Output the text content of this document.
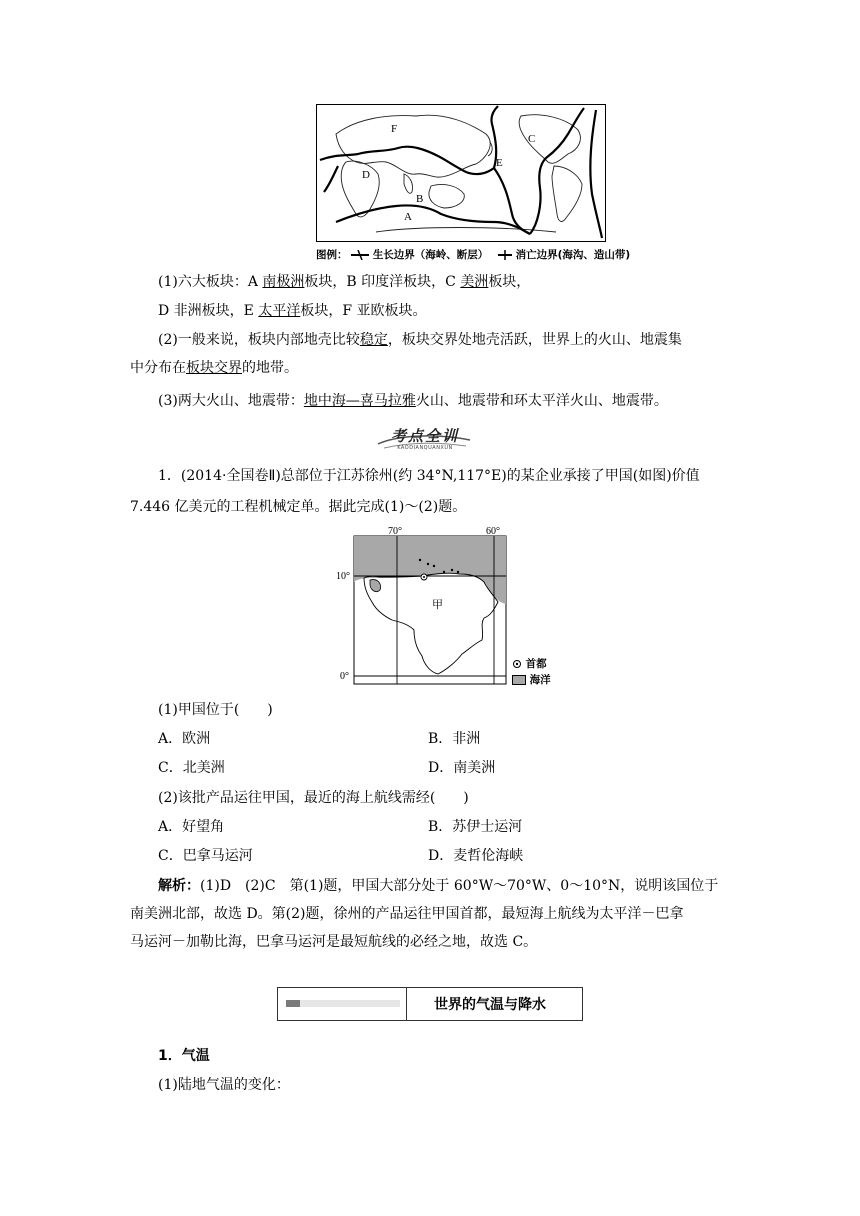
F
C
D
E
B
A
图例： 生长边界（海岭、断层）	消亡边界(海沟、造山带)
(1)六大板块：A 南极洲板块，B 印度洋板块，C 美洲板块，
D 非洲板块，E 太平洋板块，F 亚欧板块。
(2)一般来说，板块内部地壳比较稳定，板块交界处地壳活跃，世界上的火山、地震集
中分布在板块交界的地带。
(3)两大火山、地震带：地中海—喜马拉雅火山、地震带和环太平洋火山、地震带。
考点全训
KAODIANQUANXUN
1．(2014·全国卷Ⅱ)总部位于江苏徐州(约 34°N,117°E)的某企业承接了甲国(如图)价值
7.446 亿美元的工程机械定单。据此完成(1)～(2)题。
70°	60°
10°
0°
甲
首都
海洋
(1)甲国位于(　　)
A．欧洲	B．非洲
C．北美洲	D．南美洲
(2)该批产品运往甲国，最近的海上航线需经(　　)
A．好望角	B．苏伊士运河
C．巴拿马运河	D．麦哲伦海峡
解析：(1)D　(2)C　第(1)题，甲国大部分处于 60°W～70°W、0～10°N，说明该国位于
南美洲北部，故选 D。第(2)题，徐州的产品运往甲国首都，最短海上航线为太平洋－巴拿
马运河－加勒比海，巴拿马运河是最短航线的必经之地，故选 C。
世界的气温与降水
1．气温
(1)陆地气温的变化：
